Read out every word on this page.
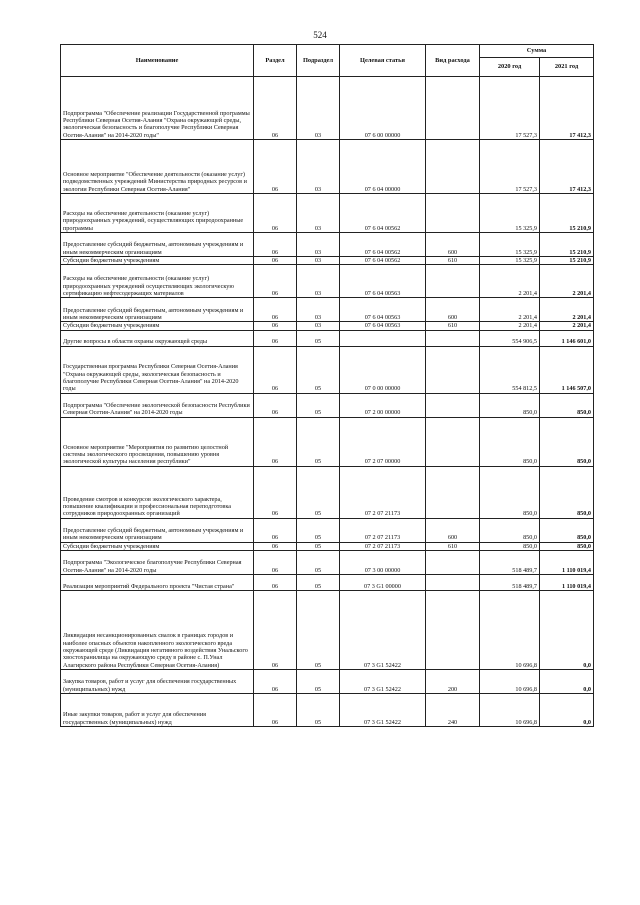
524
Наименование	Раздел	Подраздел	Целевая статья	Вид расхода	Сумма	
					2020 год	2021 год
Подпрограмма "Обеспечение реализации Государственной программы Республики Северная Осетия-Алания "Охрана окружающей среды, экологическая безопасность и благополучие Республики Северная Осетия-Алания" на 2014-2020 годы"	06	03	07 6 00 00000		17 527,3	17 412,3
Основное мероприятие "Обеспечение деятельности (оказание услуг) подведомственных учреждений Министерства природных ресурсов и экологии Республики Северная Осетия-Алания"	06	03	07 6 04 00000		17 527,3	17 412,3
Расходы на обеспечение деятельности (оказание услуг) природоохранных учреждений, осуществляющих природоохранные программы	06	03	07 6 04 00562		15 325,9	15 210,9
Предоставление субсидий бюджетным, автономным учреждениям и иным некоммерческим организациям	06	03	07 6 04 00562	600	15 325,9	15 210,9
Субсидии бюджетным учреждениям	06	03	07 6 04 00562	610	15 325,9	15 210,9
Расходы на обеспечение деятельности (оказание услуг) природоохранных учреждений осуществляющих экологическую сертификацию нефтесодержащих материалов	06	03	07 6 04 00563		2 201,4	2 201,4
Предоставление субсидий бюджетным, автономным учреждениям и иным некоммерческим организациям	06	03	07 6 04 00563	600	2 201,4	2 201,4
Субсидии бюджетным учреждениям	06	03	07 6 04 00563	610	2 201,4	2 201,4
Другие вопросы в области охраны окружающей среды	06	05			554 906,5	1 146 601,0
Государственная программа Республики Северная Осетия-Алания "Охрана окружающей среды, экологическая безопасность и благополучие Республики Северная Осетия-Алания" на 2014-2020 годы	06	05	07 0 00 00000		554 812,5	1 146 507,0
Подпрограмма "Обеспечение экологической безопасности Республики Северная Осетия-Алания" на 2014-2020 годы	06	05	07 2 00 00000		850,0	850,0
Основное мероприятие "Мероприятия по развитию целостной системы экологического просвещения, повышению уровня экологической культуры населения республики"	06	05	07 2 07 00000		850,0	850,0
Проведение смотров и конкурсов экологического характера, повышение квалификации и профессиональная переподготовка сотрудников природоохранных организаций	06	05	07 2 07 21173		850,0	850,0
Предоставление субсидий бюджетным, автономным учреждениям и иным некоммерческим организациям	06	05	07 2 07 21173	600	850,0	850,0
Субсидии бюджетным учреждениям	06	05	07 2 07 21173	610	850,0	850,0
Подпрограмма "Экологическое благополучие Республики Северная Осетия-Алания" на 2014-2020 годы	06	05	07 3 00 00000		518 489,7	1 110 019,4
Реализация мероприятий Федерального проекта "Чистая страна"	06	05	07 3 G1 00000		518 489,7	1 110 019,4
Ликвидация несанкционированных свалок в границах городов и наиболее опасных объектов накопленного экологического вреда окружающей среде (Ликвидация негативного воздействия Унальского хвостохранилища на окружающую среду в районе с. П.Унал Алагирского района Республики Северная Осетия-Алания)	06	05	07 3 G1 52422		10 696,8	0,0
Закупка товаров, работ и услуг для обеспечения государственных (муниципальных) нужд	06	05	07 3 G1 52422	200	10 696,8	0,0
Иные закупки товаров, работ и услуг для обеспечения государственных (муниципальных) нужд	06	05	07 3 G1 52422	240	10 696,8	0,0
